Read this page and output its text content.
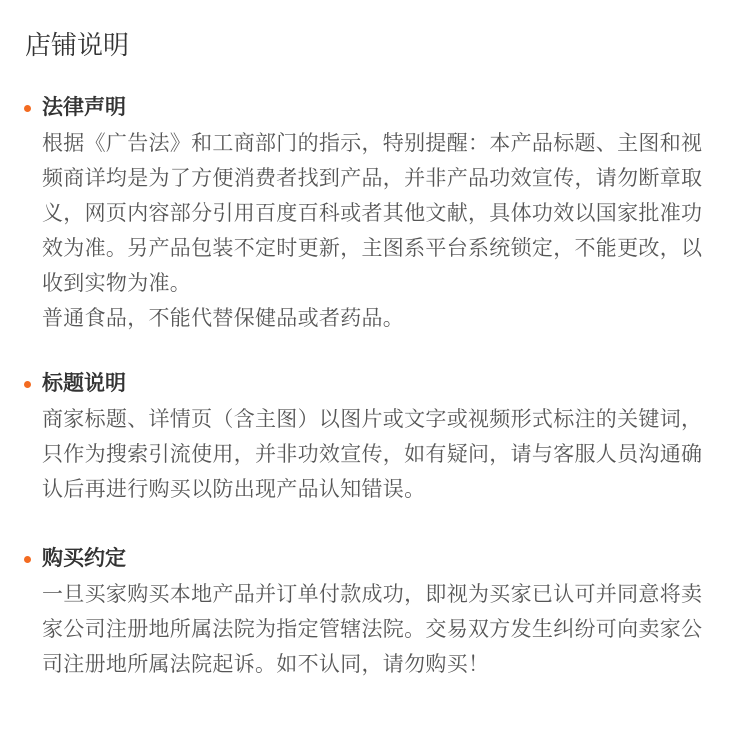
店铺说明
法律声明

根据《广告法》和工商部门的指示，特别提醒：本产品标题、主图和视频商详均是为了方便消费者找到产品，并非产品功效宣传，请勿断章取义，网页内容部分引用百度百科或者其他文献，具体功效以国家批准功效为准。另产品包装不定时更新，主图系平台系统锁定，不能更改，以收到实物为准。

普通食品，不能代替保健品或者药品。

标题说明

商家标题、详情页（含主图）以图片或文字或视频形式标注的关键词，只作为搜索引流使用，并非功效宣传，如有疑问，请与客服人员沟通确认后再进行购买以防出现产品认知错误。

购买约定

一旦买家购买本地产品并订单付款成功，即视为买家已认可并同意将卖家公司注册地所属法院为指定管辖法院。交易双方发生纠纷可向卖家公司注册地所属法院起诉。如不认同，请勿购买！
